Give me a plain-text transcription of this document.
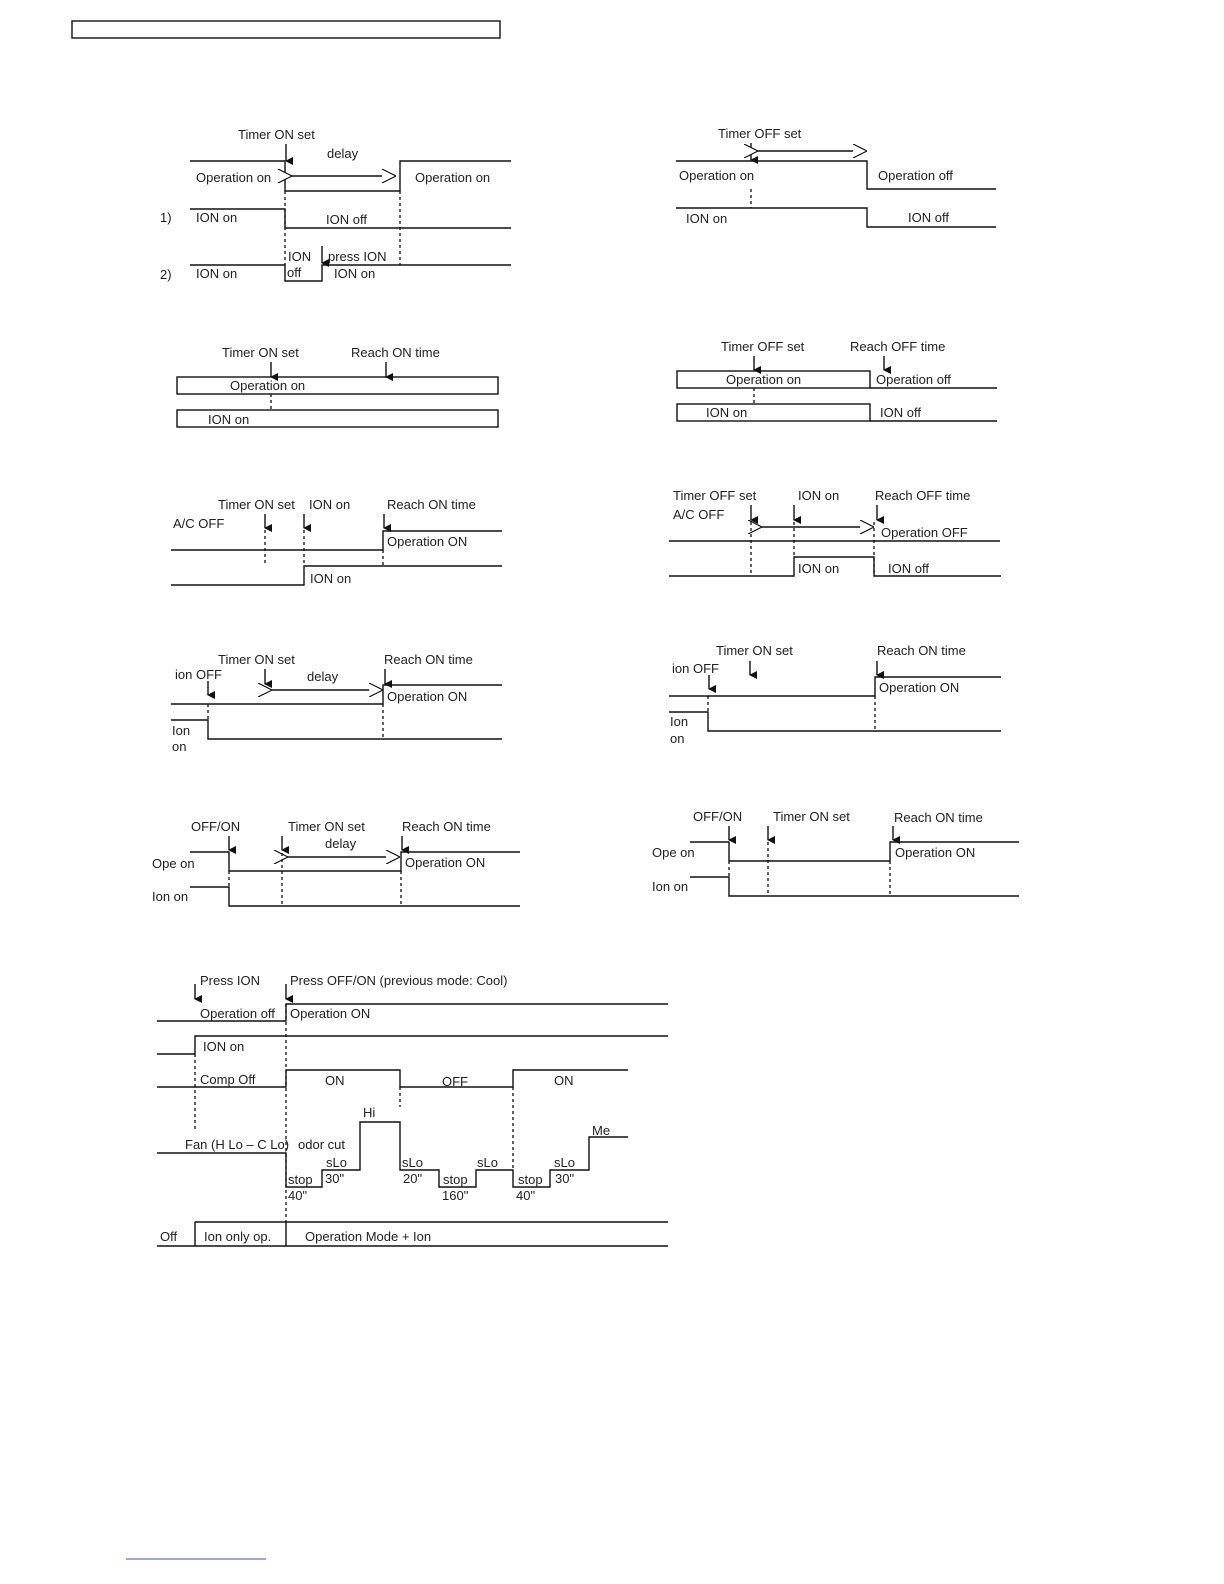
Timer ON set
delay
Operation on	Operation on
1) ION on	ION off
2) ION on
ION
off
press ION
ION on
Timer OFF set
Operation on	Operation off
ION on	ION off
Timer ON set	Reach ON time
Operation on
ION on
Timer OFF set	Reach OFF time
Operation on	Operation off
ION on	ION off
A/C OFF
Timer ON set ION on	Reach ON time
Operation ON
ION on
Timer OFF set
A/C OFF
ION on	Reach OFF time
Operation OFF
ION on	ION off
ion OFF
Timer ON set
delay
Reach ON time
Operation ON
Ion
on
ion OFF
Timer ON set	Reach ON time
Operation ON
Ion
on
OFF/ON	Timer ON set
delay
Reach ON time
Ope on	Operation ON
Ion on
OFF/ON Timer ON set	Reach ON time
Ope on	Operation ON
Ion on
Press ION Press OFF/ON (previous mode: Cool)
Operation off Operation ON
ION on
Comp Off	ON	OFF	ON
Fan (H Lo – C Lo) odor cut
Hi
Me
sLo	sLo	sLo	sLo
stop 30"	20" stop	stop 30"
40"	160"	40"
Off Ion only op.	Operation Mode + Ion
